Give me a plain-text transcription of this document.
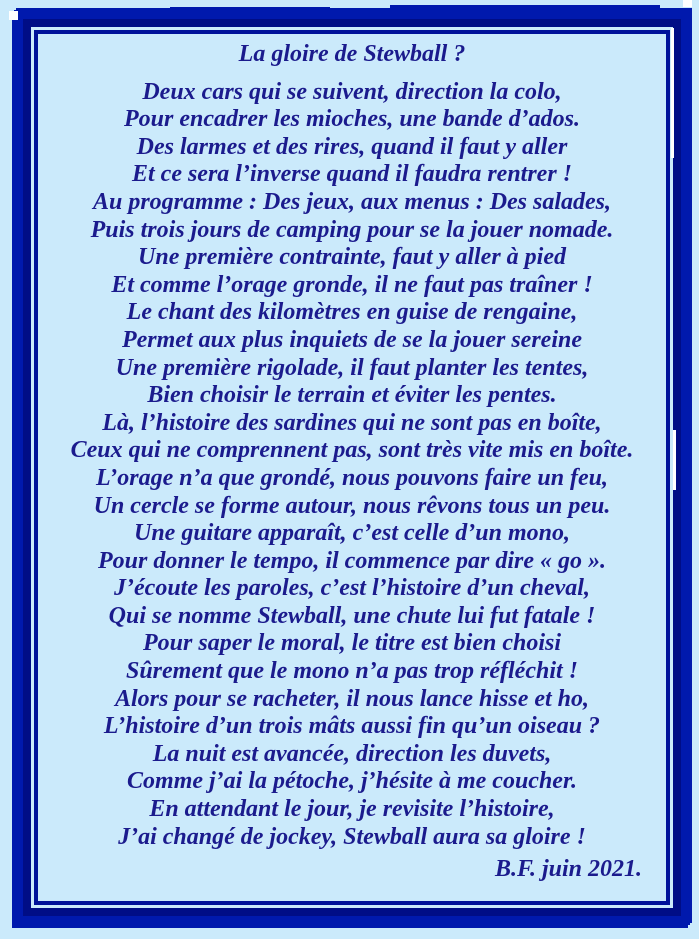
La gloire de Stewball ?
Deux cars qui se suivent, direction la colo,
Pour encadrer les mioches, une bande d’ados.
Des larmes et des rires, quand il faut y aller
Et ce sera l’inverse quand il faudra rentrer !
Au programme : Des jeux, aux menus : Des salades,
Puis trois jours de camping pour se la jouer nomade.
Une première contrainte, faut y aller à pied
Et comme l’orage gronde, il ne faut pas traîner !
Le chant des kilomètres en guise de rengaine,
Permet aux plus inquiets de se la jouer sereine
Une première rigolade, il faut planter les tentes,
Bien choisir le terrain et éviter les pentes.
Là, l’histoire des sardines qui ne sont pas en boîte,
Ceux qui ne comprennent pas, sont très vite mis en boîte.
L’orage n’a que grondé, nous pouvons faire un feu,
Un cercle se forme autour, nous rêvons tous un peu.
Une guitare apparaît, c’est celle d’un mono,
Pour donner le tempo, il commence par dire « go ».
J’écoute les paroles, c’est l’histoire d’un cheval,
Qui se nomme Stewball, une chute lui fut fatale !
Pour saper le moral, le titre est bien choisi
Sûrement que le mono n’a pas trop réfléchit !
Alors pour se racheter, il nous lance hisse et ho,
L’histoire d’un trois mâts aussi fin qu’un oiseau ?
La nuit est avancée, direction les duvets,
Comme j’ai la pétoche, j’hésite à me coucher.
En attendant le jour, je revisite l’histoire,
J’ai changé de jockey, Stewball aura sa gloire !
B.F. juin 2021.
